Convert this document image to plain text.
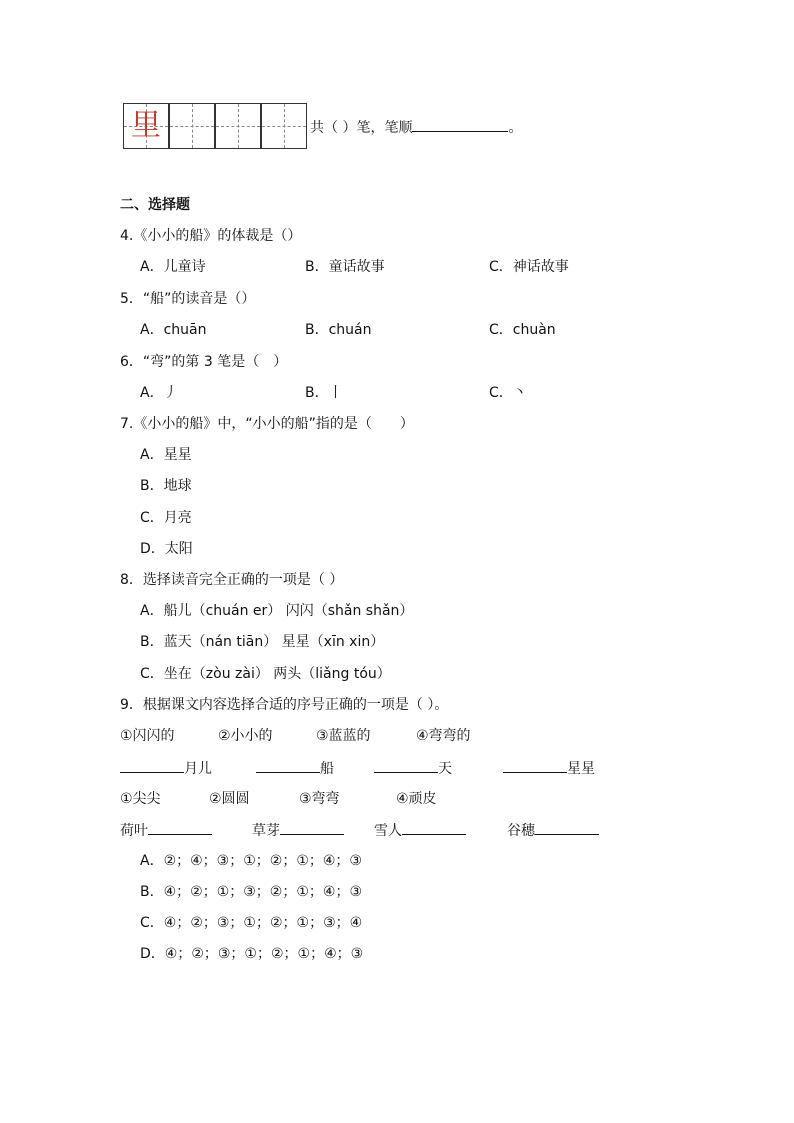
里	共（ ）笔，笔顺	。
二、选择题
4.《小小的船》的体裁是（）
A．儿童诗	B．童话故事	C．神话故事
5．“船”的读音是（）
A．chuān	B．chuán	C．chuàn
6．“弯”的第 3 笔是（　）
A．丿	B．丨	C．丶
7.《小小的船》中，“小小的船”指的是（　　）
A．星星
B．地球
C．月亮
D．太阳
8．选择读音完全正确的一项是（ ）
A．船儿（chuán er） 闪闪（shǎn shǎn）
B．蓝天（nán tiān） 星星（xīn xin）
C．坐在（zòu zài） 两头（liǎng tóu）
9．根据课文内容选择合适的序号正确的一项是（ ）。
①闪闪的	②小小的	③蓝蓝的	④弯弯的
月儿	船	天	星星
①尖尖	②圆圆	③弯弯	④顽皮
荷叶	草芽	雪人	谷穗
A．②；④；③；①；②；①；④；③
B．④；②；①；③；②；①；④；③
C．④；②；③；①；②；①；③；④
D．④；②；③；①；②；①；④；③
